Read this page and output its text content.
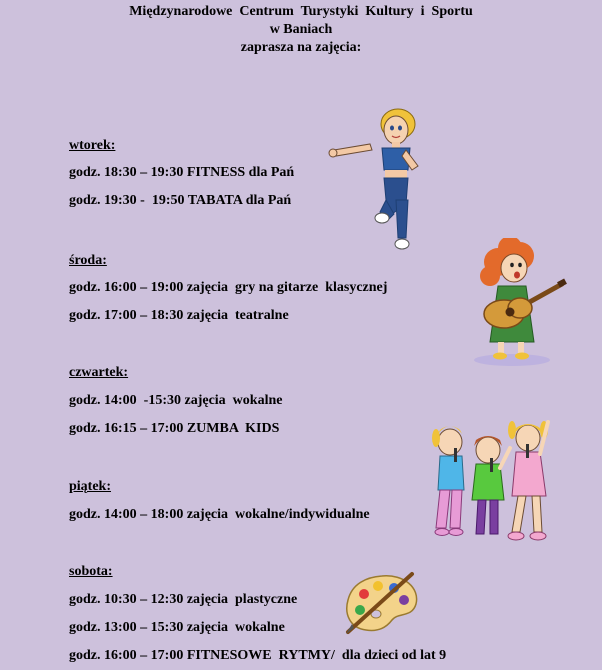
Międzynarodowe  Centrum  Turystyki  Kultury  i  Sportu
w Baniach
zaprasza na zajęcia:
wtorek:
godz. 18:30 – 19:30 FITNESS dla Pań
godz. 19:30 -  19:50 TABATA dla Pań
środa:
godz. 16:00 – 19:00 zajęcia  gry na gitarze  klasycznej
godz. 17:00 – 18:30 zajęcia  teatralne
czwartek:
godz. 14:00  -15:30 zajęcia  wokalne
godz. 16:15 – 17:00 ZUMBA  KIDS
piątek:
godz. 14:00 – 18:00 zajęcia  wokalne/indywidualne
sobota:
godz. 10:30 – 12:30 zajęcia  plastyczne
godz. 13:00 – 15:30 zajęcia  wokalne
godz. 16:00 – 17:00 FITNESOWE  RYTMY/  dla dzieci od lat 9
